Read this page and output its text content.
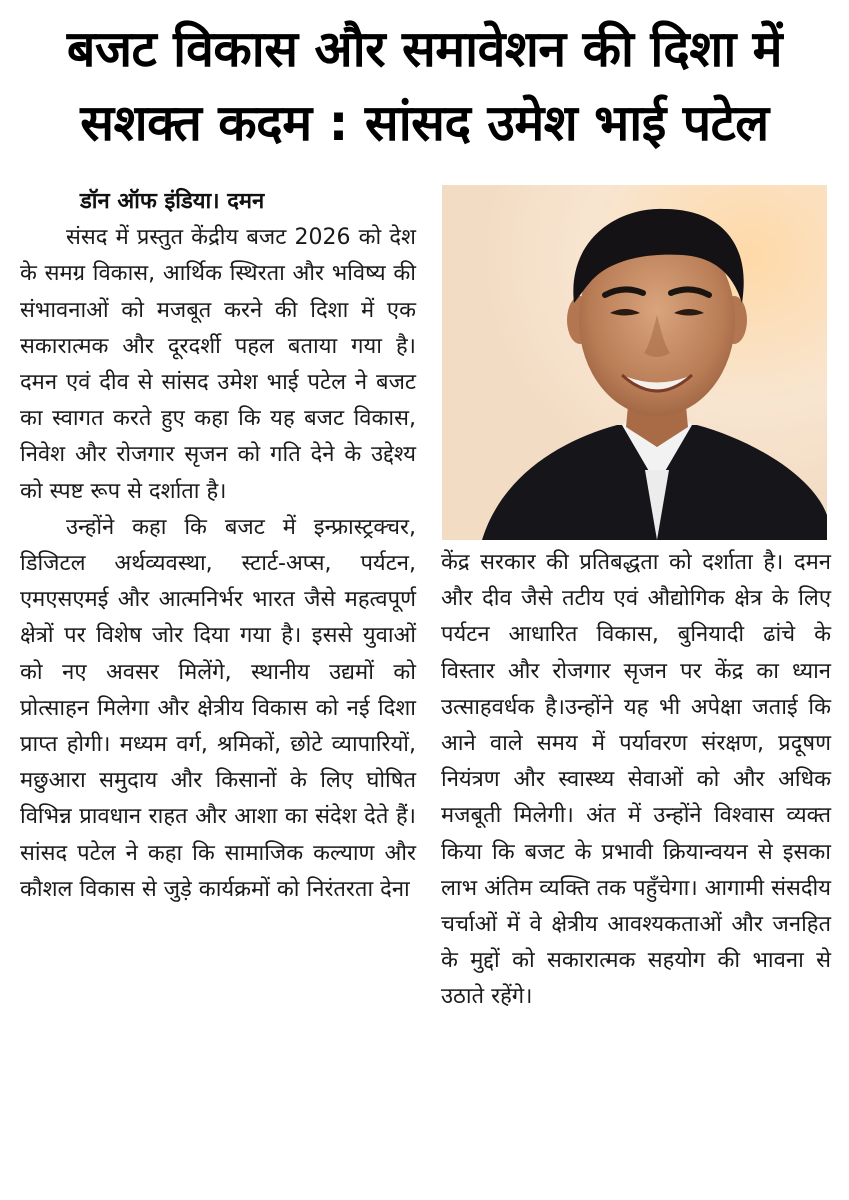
बजट विकास और समावेशन की दिशा में
सशक्त कदम : सांसद उमेश भाई पटेल
डॉन ऑफ इंडिया। दमन

संसद में प्रस्तुत केंद्रीय बजट 2026 को देश के समग्र विकास, आर्थिक स्थिरता और भविष्य की संभावनाओं को मजबूत करने की दिशा में एक सकारात्मक और दूरदर्शी पहल बताया गया है। दमन एवं दीव से सांसद उमेश भाई पटेल ने बजट का स्वागत करते हुए कहा कि यह बजट विकास, निवेश और रोजगार सृजन को गति देने के उद्देश्य को स्पष्ट रूप से दर्शाता है।

उन्होंने कहा कि बजट में इन्फ्रास्ट्रक्चर, डिजिटल अर्थव्यवस्था, स्टार्ट-अप्स, पर्यटन, एमएसएमई और आत्मनिर्भर भारत जैसे महत्वपूर्ण क्षेत्रों पर विशेष जोर दिया गया है। इससे युवाओं को नए अवसर मिलेंगे, स्थानीय उद्यमों को प्रोत्साहन मिलेगा और क्षेत्रीय विकास को नई दिशा प्राप्त होगी। मध्यम वर्ग, श्रमिकों, छोटे व्यापारियों, मछुआरा समुदाय और किसानों के लिए घोषित विभिन्न प्रावधान राहत और आशा का संदेश देते हैं। सांसद पटेल ने कहा कि सामाजिक कल्याण और कौशल विकास से जुड़े कार्यक्रमों को निरंतरता देना

केंद्र सरकार की प्रतिबद्धता को दर्शाता है। दमन और दीव जैसे तटीय एवं औद्योगिक क्षेत्र के लिए पर्यटन आधारित विकास, बुनियादी ढांचे के विस्तार और रोजगार सृजन पर केंद्र का ध्यान उत्साहवर्धक है।उन्होंने यह भी अपेक्षा जताई कि आने वाले समय में पर्यावरण संरक्षण, प्रदूषण नियंत्रण और स्वास्थ्य सेवाओं को और अधिक मजबूती मिलेगी। अंत में उन्होंने विश्वास व्यक्त किया कि बजट के प्रभावी क्रियान्वयन से इसका लाभ अंतिम व्यक्ति तक पहुँचेगा। आगामी संसदीय चर्चाओं में वे क्षेत्रीय आवश्यकताओं और जनहित के मुद्दों को सकारात्मक सहयोग की भावना से उठाते रहेंगे।
